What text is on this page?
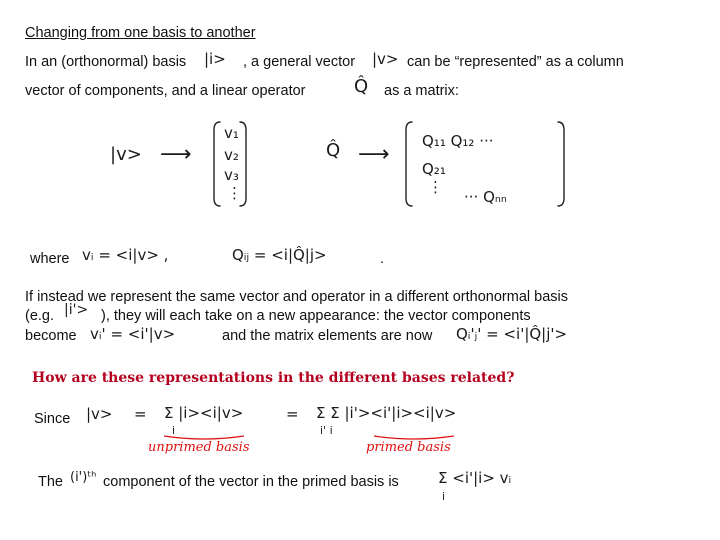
Changing from one basis to another
In an (orthonormal) basis |i> , a general vector |v> can be “represented” as a column
vector of components, and a linear operator	Q̂ as a matrix:
|v> ⟶
v₁
v₂
v₃
⋮
Q̂ ⟶
Q₁₁ Q₁₂ ···
Q₂₁
⋮
··· Qₙₙ
where vᵢ = <i|v> ,	Qᵢⱼ = <i|Q̂|j>	.
If instead we represent the same vector and operator in a different orthonormal basis
(e.g. |i'> ), they will each take on a new appearance: the vector components
become vᵢ' = <i'|v>	and the matrix elements are now Qᵢ'ⱼ' = <i'|Q̂|j'>
How are these representations in the different bases related?
Since |v> = Σ |i><i|v>
i
unprimed basis
= Σ Σ |i'><i'|i><i|v>
i' i
primed basis
The (i')ᵗʰ component of the vector in the primed basis is	Σ <i'|i> vᵢ
i
